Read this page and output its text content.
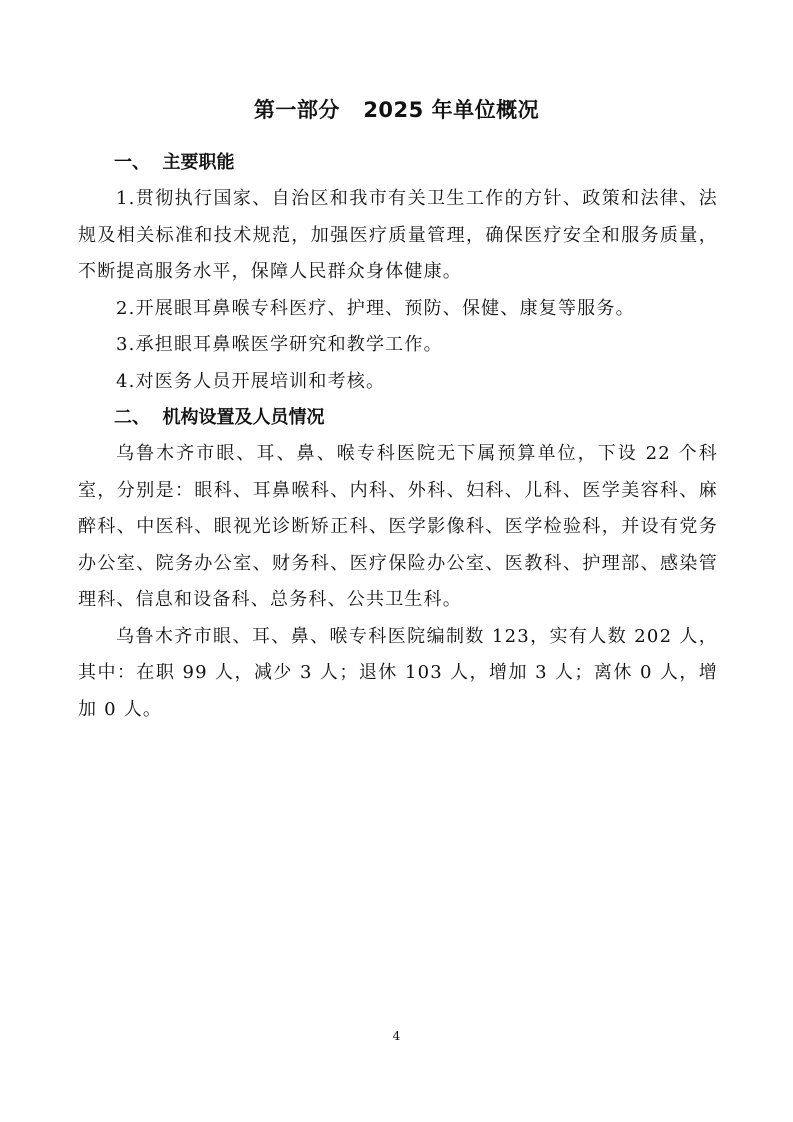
第一部分   2025 年单位概况
一、  主要职能

1.贯彻执行国家、自治区和我市有关卫生工作的方针、政策和法律、法规及相关标准和技术规范，加强医疗质量管理，确保医疗安全和服务质量，不断提高服务水平，保障人民群众身体健康。

2.开展眼耳鼻喉专科医疗、护理、预防、保健、康复等服务。

3.承担眼耳鼻喉医学研究和教学工作。

4.对医务人员开展培训和考核。

二、  机构设置及人员情况

乌鲁木齐市眼、耳、鼻、喉专科医院无下属预算单位，下设 22 个科室，分别是：眼科、耳鼻喉科、内科、外科、妇科、儿科、医学美容科、麻醉科、中医科、眼视光诊断矫正科、医学影像科、医学检验科，并设有党务办公室、院务办公室、财务科、医疗保险办公室、医教科、护理部、感染管理科、信息和设备科、总务科、公共卫生科。

乌鲁木齐市眼、耳、鼻、喉专科医院编制数 123，实有人数 202 人，其中：在职 99 人，减少 3 人；退休 103 人，增加 3 人；离休 0 人，增加 0 人。

4
